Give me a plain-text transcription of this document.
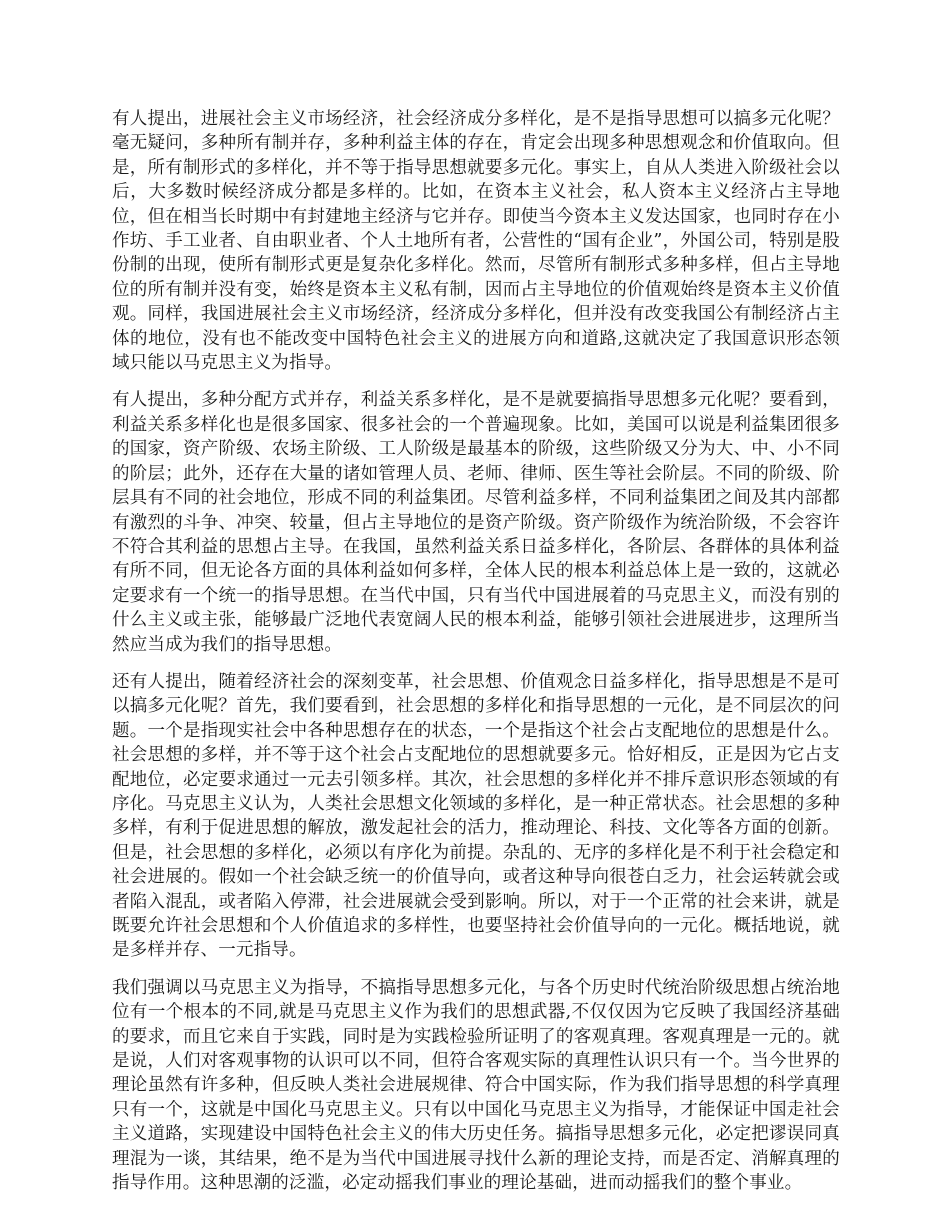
有人提出，进展社会主义市场经济，社会经济成分多样化，是不是指导思想可以搞多元化呢？毫无疑问，多种所有制并存，多种利益主体的存在，肯定会出现多种思想观念和价值取向。但是，所有制形式的多样化，并不等于指导思想就要多元化。事实上，自从人类进入阶级社会以后，大多数时候经济成分都是多样的。比如，在资本主义社会，私人资本主义经济占主导地位，但在相当长时期中有封建地主经济与它并存。即使当今资本主义发达国家，也同时存在小作坊、手工业者、自由职业者、个人土地所有者，公营性的“国有企业”，外国公司，特别是股份制的出现，使所有制形式更是复杂化多样化。然而，尽管所有制形式多种多样，但占主导地位的所有制并没有变，始终是资本主义私有制，因而占主导地位的价值观始终是资本主义价值观。同样，我国进展社会主义市场经济，经济成分多样化，但并没有改变我国公有制经济占主体的地位，没有也不能改变中国特色社会主义的进展方向和道路,这就决定了我国意识形态领域只能以马克思主义为指导。

有人提出，多种分配方式并存，利益关系多样化，是不是就要搞指导思想多元化呢？要看到，利益关系多样化也是很多国家、很多社会的一个普遍现象。比如，美国可以说是利益集团很多的国家，资产阶级、农场主阶级、工人阶级是最基本的阶级，这些阶级又分为大、中、小不同的阶层；此外，还存在大量的诸如管理人员、老师、律师、医生等社会阶层。不同的阶级、阶层具有不同的社会地位，形成不同的利益集团。尽管利益多样，不同利益集团之间及其内部都有激烈的斗争、冲突、较量，但占主导地位的是资产阶级。资产阶级作为统治阶级，不会容许不符合其利益的思想占主导。在我国，虽然利益关系日益多样化，各阶层、各群体的具体利益有所不同，但无论各方面的具体利益如何多样，全体人民的根本利益总体上是一致的，这就必定要求有一个统一的指导思想。在当代中国，只有当代中国进展着的马克思主义，而没有别的什么主义或主张，能够最广泛地代表宽阔人民的根本利益，能够引领社会进展进步，这理所当然应当成为我们的指导思想。

还有人提出，随着经济社会的深刻变革，社会思想、价值观念日益多样化，指导思想是不是可以搞多元化呢？首先，我们要看到，社会思想的多样化和指导思想的一元化，是不同层次的问题。一个是指现实社会中各种思想存在的状态，一个是指这个社会占支配地位的思想是什么。社会思想的多样，并不等于这个社会占支配地位的思想就要多元。恰好相反，正是因为它占支配地位，必定要求通过一元去引领多样。其次，社会思想的多样化并不排斥意识形态领域的有序化。马克思主义认为，人类社会思想文化领域的多样化，是一种正常状态。社会思想的多种多样，有利于促进思想的解放，激发起社会的活力，推动理论、科技、文化等各方面的创新。但是，社会思想的多样化，必须以有序化为前提。杂乱的、无序的多样化是不利于社会稳定和社会进展的。假如一个社会缺乏统一的价值导向，或者这种导向很苍白乏力，社会运转就会或者陷入混乱，或者陷入停滞，社会进展就会受到影响。所以，对于一个正常的社会来讲，就是既要允许社会思想和个人价值追求的多样性，也要坚持社会价值导向的一元化。概括地说，就是多样并存、一元指导。

我们强调以马克思主义为指导，不搞指导思想多元化，与各个历史时代统治阶级思想占统治地位有一个根本的不同,就是马克思主义作为我们的思想武器,不仅仅因为它反映了我国经济基础的要求，而且它来自于实践，同时是为实践检验所证明了的客观真理。客观真理是一元的。就是说，人们对客观事物的认识可以不同，但符合客观实际的真理性认识只有一个。当今世界的理论虽然有许多种，但反映人类社会进展规律、符合中国实际，作为我们指导思想的科学真理只有一个，这就是中国化马克思主义。只有以中国化马克思主义为指导，才能保证中国走社会主义道路，实现建设中国特色社会主义的伟大历史任务。搞指导思想多元化，必定把谬误同真理混为一谈，其结果，绝不是为当代中国进展寻找什么新的理论支持，而是否定、消解真理的指导作用。这种思潮的泛滥，必定动摇我们事业的理论基础，进而动摇我们的整个事业。
